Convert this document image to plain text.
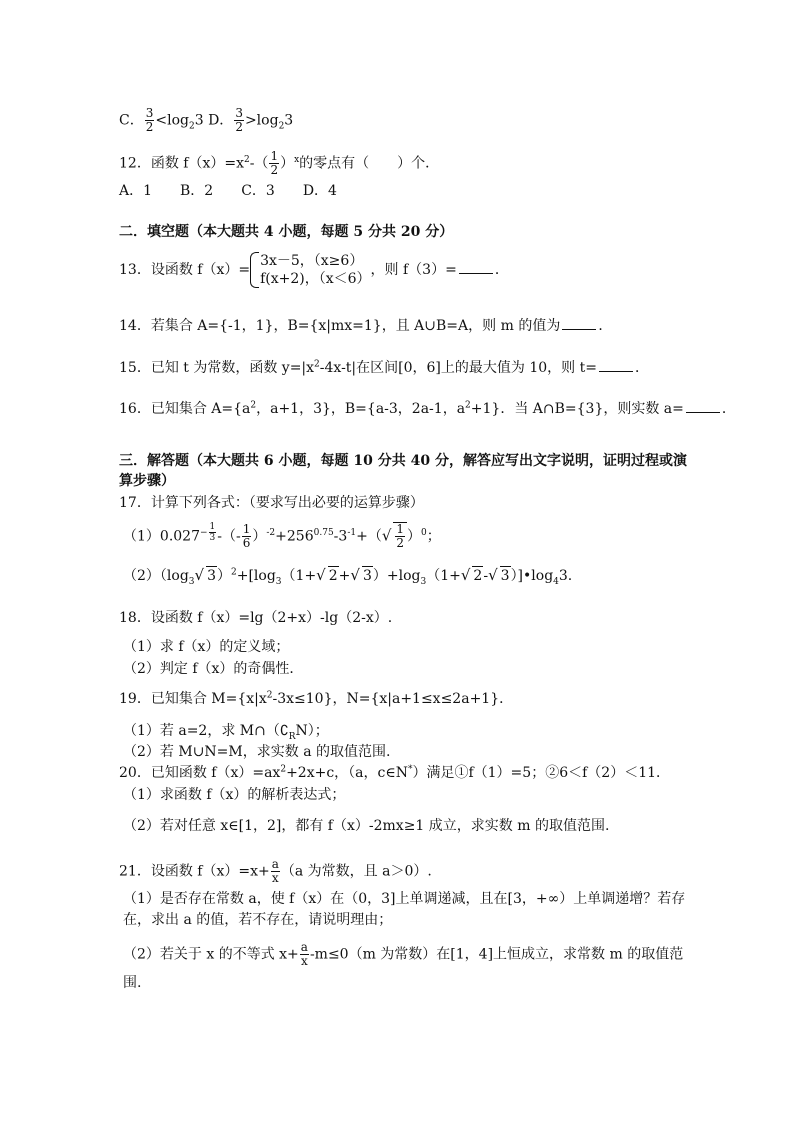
C． $\frac{3}{2} <\log_23$ D． $\frac{3}{2} >\log_23$
12．函数 $f(x)=x^2-( \frac{1}{2} )^x$的零点有（　　）个．
A．1　　B．2　　C．3　　D．4
二．填空题（本大题共 4 小题，每题 5 分共 20 分）
13．设函数 f（x）=
3x－5，（x≥6）
f(x+2)，（x＜6）
，则 f（3）=	．
14．若集合 A={-1，1}，B={x|mx=1}，且 A∪B=A，则 m 的值为	．
15．已知 t 为常数，函数 $y=|x^2-4x-t|$在区间[0，6]上的最大值为 10，则 t=	．
16．已知集合 $A=\{a^2$，a+1，3}，B={a-3，2a-1，$a^2+1$}．当 A∩B={3}，则实数 a=	．
三．解答题（本大题共 6 小题，每题 10 分共 40 分，解答应写出文字说明，证明过程或演
算步骤）
17．计算下列各式：（要求写出必要的运算步骤）
$(1)0.027^{- \frac{1}{3}}$ -（- $\frac{1}{6} )^{-2}+256^{0.75}-3^{-1}+(√ \frac{1}{2} )^0$；
$(2)(\log_3√$ $3)^2+[\log_3(1+√$ 2+√ $3)+\log_3(1+√$ 2-√ $3)]•\log_43$.
18．设函数 f（x）=lg（2+x）-lg（2-x）.
（1）求 f（x）的定义域；
（2）判定 f（x）的奇偶性．
19．已知集合 $M=\{x|x^2-3x\le 10\}$，N={x|a+1≤x≤2a+1}．
（1）若 a=2，求 $M\cap(∁_RN)$；
（2）若 M∪N=M，求实数 a 的取值范围.
20．已知函数 $f(x)=ax^2+2x+c$，（a，c∈N*）满足①f（1）=5；②6＜f（2）＜11．
（1）求函数 f（x）的解析表达式；
（2）若对任意 x∈[1，2]，都有 f（x）-2mx≥1 成立，求实数 m 的取值范围.
21．设函数 $f(x)=x+ \frac{a}{x} (a$ 为常数，且 a＞0）.
（1）是否存在常数 a，使 f（x）在（0，3]上单调递减，且在[3，+∞）上单调递增？若存
在，求出 a 的值，若不存在，请说明理由；
（2）若关于 x 的不等式 $x+ \frac{a}{x} -m\le 0(m$ 为常数）在[1，4]上恒成立，求常数 m 的取值范
围.
